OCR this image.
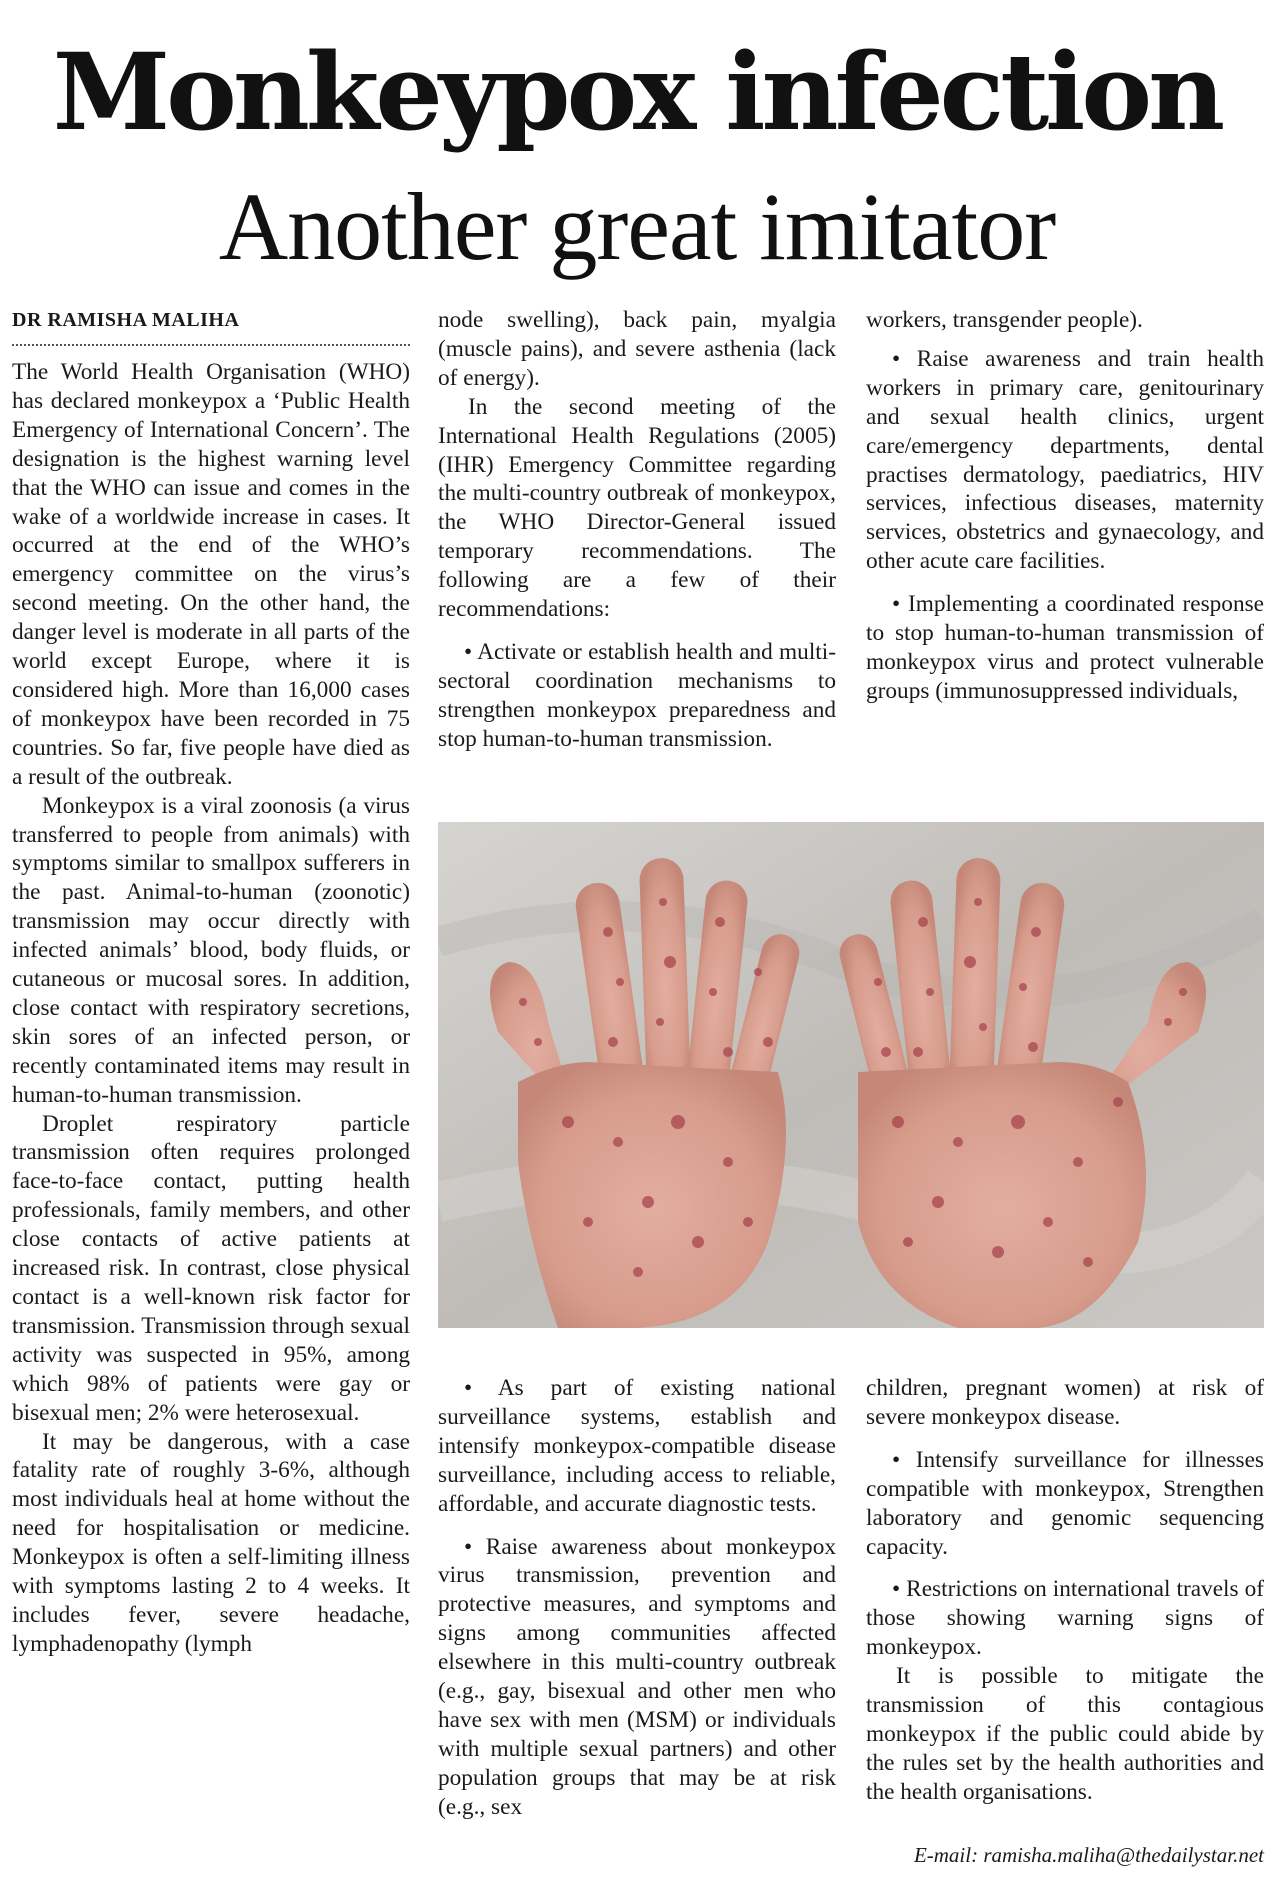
Monkeypox infection
Another great imitator
DR RAMISHA MALIHA

The World Health Organisation (WHO) has declared monkeypox a ‘Public Health Emergency of International Concern’. The designation is the highest warning level that the WHO can issue and comes in the wake of a worldwide increase in cases. It occurred at the end of the WHO’s emergency committee on the virus’s second meeting. On the other hand, the danger level is moderate in all parts of the world except Europe, where it is considered high. More than 16,000 cases of monkeypox have been recorded in 75 countries. So far, five people have died as a result of the outbreak.

Monkeypox is a viral zoonosis (a virus transferred to people from animals) with symptoms similar to smallpox sufferers in the past. Animal-to-human (zoonotic) transmission may occur directly with infected animals’ blood, body fluids, or cutaneous or mucosal sores. In addition, close contact with respiratory secretions, skin sores of an infected person, or recently contaminated items may result in human-to-human transmission.

Droplet respiratory particle transmission often requires prolonged face-to-face contact, putting health professionals, family members, and other close contacts of active patients at increased risk. In contrast, close physical contact is a well-known risk factor for transmission. Transmission through sexual activity was suspected in 95%, among which 98% of patients were gay or bisexual men; 2% were heterosexual.

It may be dangerous, with a case fatality rate of roughly 3-6%, although most individuals heal at home without the need for hospitalisation or medicine. Monkeypox is often a self-limiting illness with symptoms lasting 2 to 4 weeks. It includes fever, severe headache, lymphadenopathy (lymph

node swelling), back pain, myalgia (muscle pains), and severe asthenia (lack of energy).

In the second meeting of the International Health Regulations (2005) (IHR) Emergency Committee regarding the multi-country outbreak of monkeypox, the WHO Director-General issued temporary recommendations. The following are a few of their recommendations:

• Activate or establish health and multi-sectoral coordination mechanisms to strengthen monkeypox preparedness and stop human-to-human transmission.

workers, transgender people).

• Raise awareness and train health workers in primary care, genitourinary and sexual health clinics, urgent care/emergency departments, dental practises dermatology, paediatrics, HIV services, infectious diseases, maternity services, obstetrics and gynaecology, and other acute care facilities.

• Implementing a coordinated response to stop human-to-human transmission of monkeypox virus and protect vulnerable groups (immunosuppressed individuals,

• As part of existing national surveillance systems, establish and intensify monkeypox-compatible disease surveillance, including access to reliable, affordable, and accurate diagnostic tests.

• Raise awareness about monkeypox virus transmission, prevention and protective measures, and symptoms and signs among communities affected elsewhere in this multi-country outbreak (e.g., gay, bisexual and other men who have sex with men (MSM) or individuals with multiple sexual partners) and other population groups that may be at risk (e.g., sex

children, pregnant women) at risk of severe monkeypox disease.

• Intensify surveillance for illnesses compatible with monkeypox, Strengthen laboratory and genomic sequencing capacity.

• Restrictions on international travels of those showing warning signs of monkeypox.

It is possible to mitigate the transmission of this contagious monkeypox if the public could abide by the rules set by the health authorities and the health organisations.

E-mail: ramisha.maliha@thedailystar.net
